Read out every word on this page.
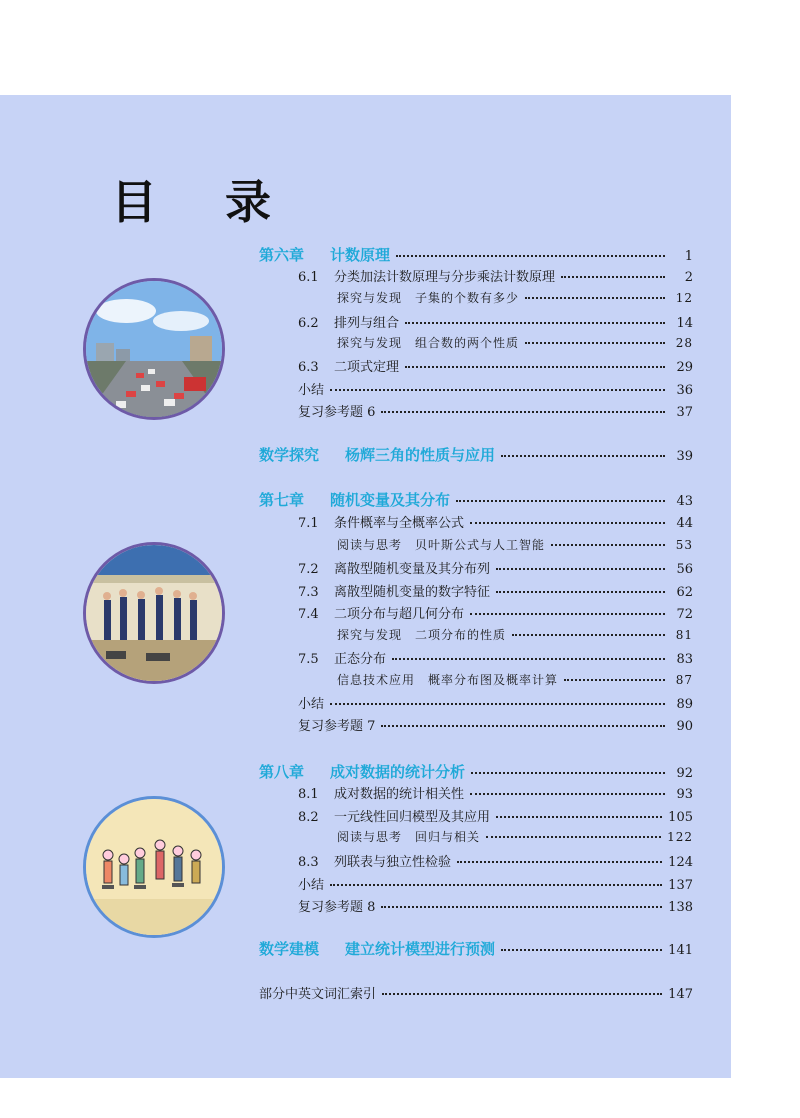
目 录
第六章 计数原理	1
6.1 分类加法计数原理与分步乘法计数原理	2
探究与发现　子集的个数有多少	12
6.2 排列与组合	14
探究与发现　组合数的两个性质	28
6.3 二项式定理	29
小结	36
复习参考题 6	37
数学探究 杨辉三角的性质与应用	39
第七章 随机变量及其分布	43
7.1 条件概率与全概率公式	44
阅读与思考　贝叶斯公式与人工智能	53
7.2 离散型随机变量及其分布列	56
7.3 离散型随机变量的数字特征	62
7.4 二项分布与超几何分布	72
探究与发现　二项分布的性质	81
7.5 正态分布	83
信息技术应用　概率分布图及概率计算	87
小结	89
复习参考题 7	90
第八章 成对数据的统计分析	92
8.1 成对数据的统计相关性	93
8.2 一元线性回归模型及其应用	105
阅读与思考　回归与相关	122
8.3 列联表与独立性检验	124
小结	137
复习参考题 8	138
数学建模 建立统计模型进行预测	141
部分中英文词汇索引	147
